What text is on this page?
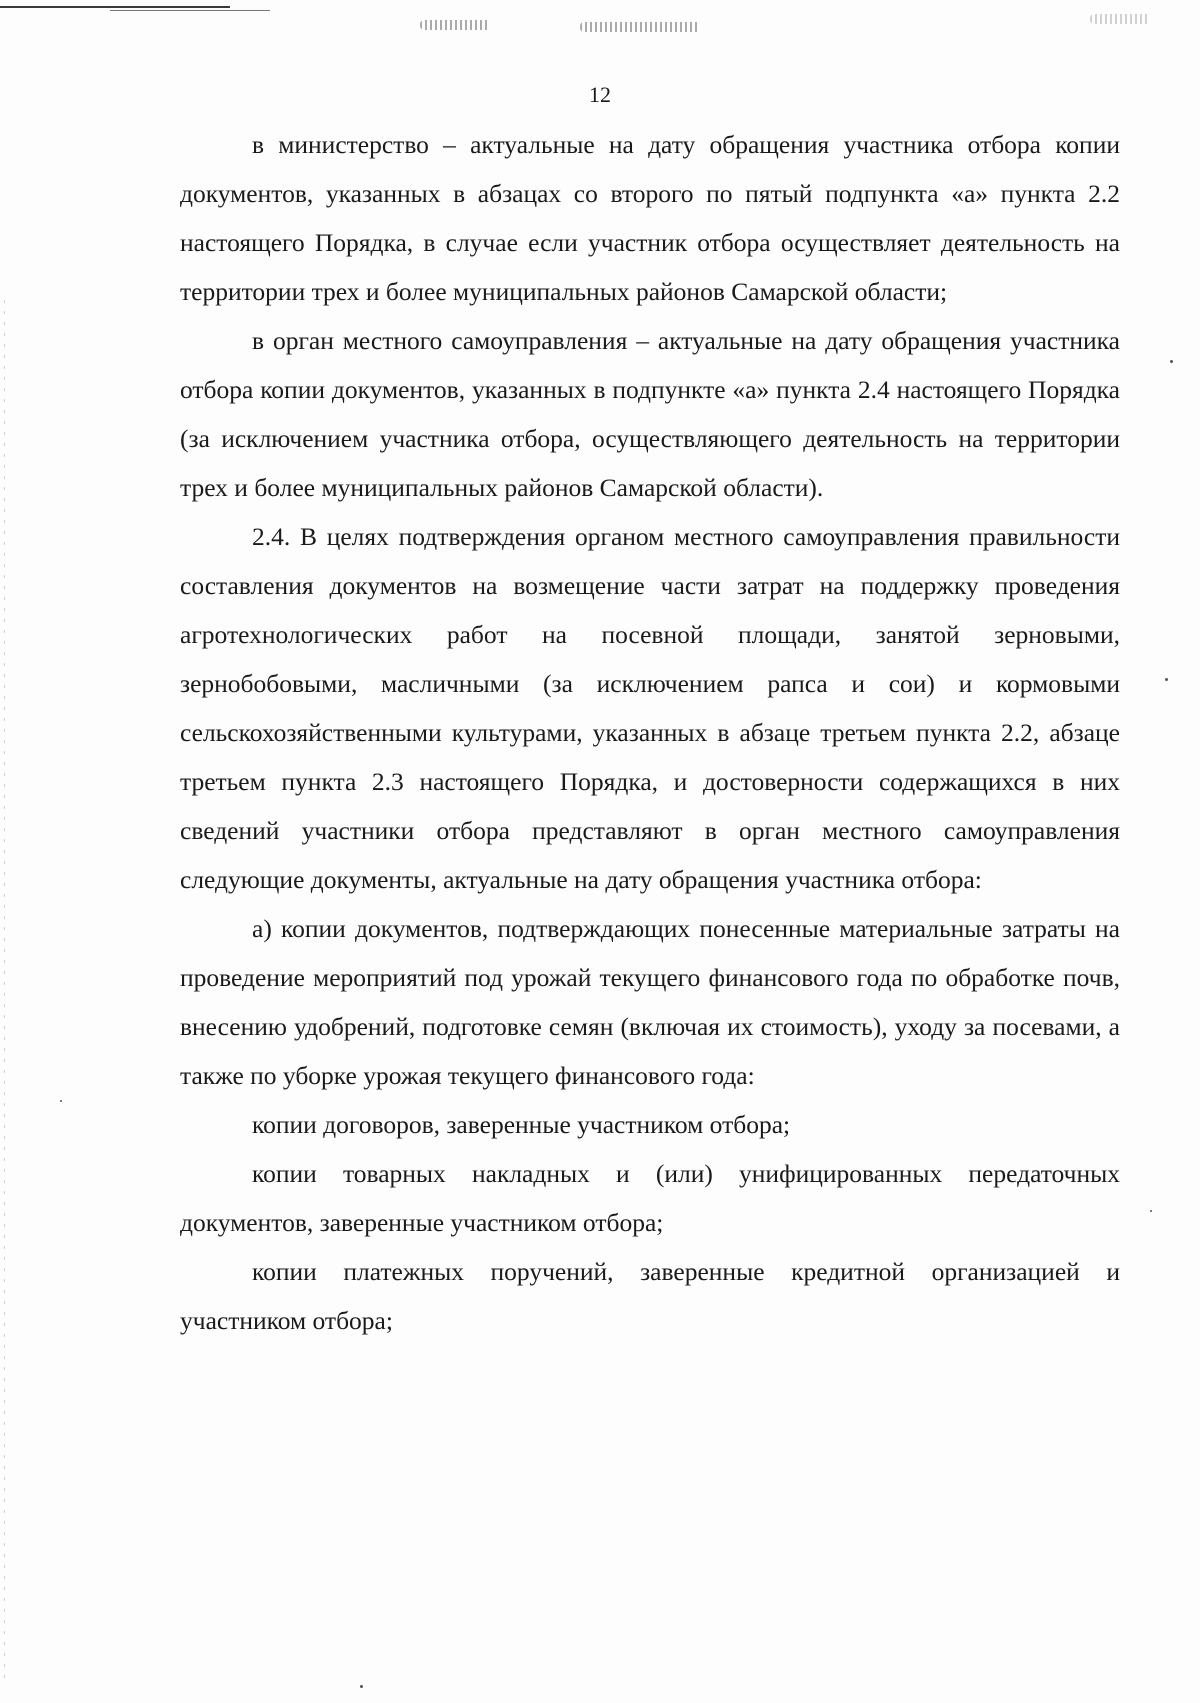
12

в министерство – актуальные на дату обращения участника отбора копии документов, указанных в абзацах со второго по пятый подпункта «а» пункта 2.2 настоящего Порядка, в случае если участник отбора осуществляет деятельность на территории трех и более муниципальных районов Самарской области;

в орган местного самоуправления – актуальные на дату обращения участника отбора копии документов, указанных в подпункте «а» пункта 2.4 настоящего Порядка (за исключением участника отбора, осуществляющего деятельность на территории трех и более муниципальных районов Самарской области).

2.4. В целях подтверждения органом местного самоуправления правильности составления документов на возмещение части затрат на поддержку проведения агротехнологических работ на посевной площади, занятой зерновыми, зернобобовыми, масличными (за исключением рапса и сои) и кормовыми сельскохозяйственными культурами, указанных в абзаце третьем пункта 2.2, абзаце третьем пункта 2.3 настоящего Порядка, и достоверности содержащихся в них сведений участники отбора представляют в орган местного самоуправления следующие документы, актуальные на дату обращения участника отбора:

а) копии документов, подтверждающих понесенные материальные затраты на проведение мероприятий под урожай текущего финансового года по обработке почв, внесению удобрений, подготовке семян (включая их стоимость), уходу за посевами, а также по уборке урожая текущего финансового года:

копии договоров, заверенные участником отбора;

копии товарных накладных и (или) унифицированных передаточных документов, заверенные участником отбора;

копии платежных поручений, заверенные кредитной организацией и участником отбора;
